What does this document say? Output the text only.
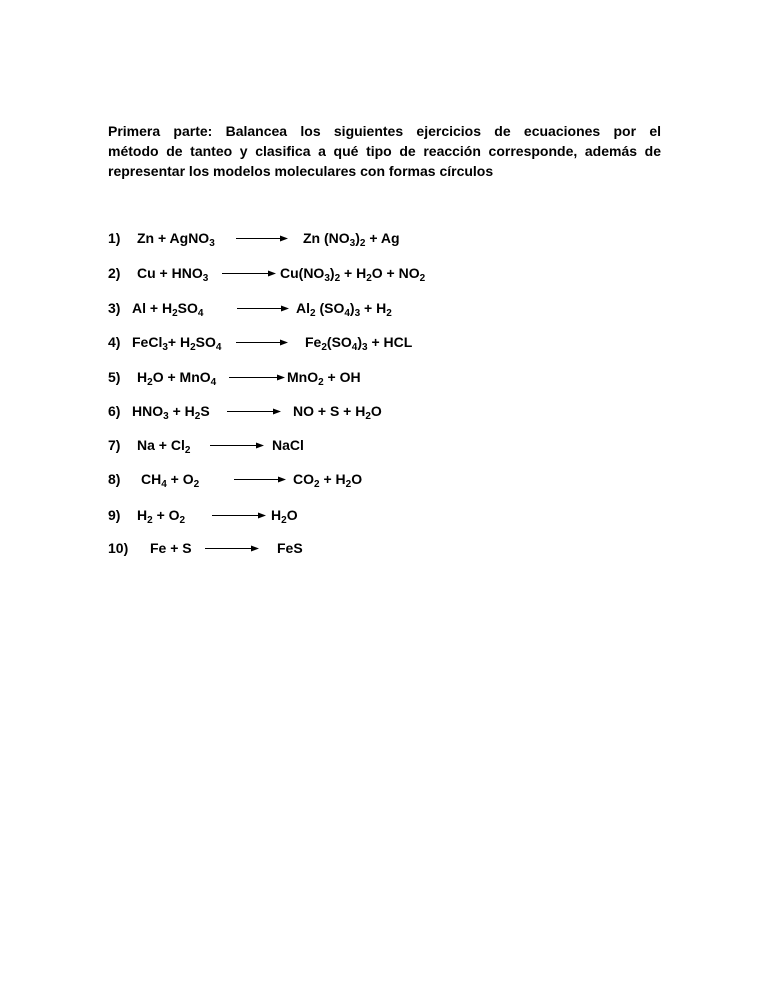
Primera parte: Balancea los siguientes ejercicios de ecuaciones por el
método de tanteo y clasifica a qué tipo de reacción corresponde, además de
representar los modelos moleculares con formas círculos
1) Zn + AgNO$_3$ → Zn $(NO_3)_2 + Ag$
2) $Cu + HNO_3 \to Cu(NO_3)_2 + H_2O + NO_2$
3) $Al + H_2SO_4 \to Al_2$ $(SO_4)_3 + H_2$
4) FeCl$_3$+ $H_2SO_4 \to Fe_2(SO_4)_3$ + HCL
5) $H_2O + MnO_4 \to MnO_2$ + OH
6) $HNO_3 + H_2S$ → NO + $S + H_2O$
7) $Na + Cl_2$ → NaCl
8) $CH_4 + O_2 \to CO_2 + H_2O$
9) $H_2 + O_2 \to H_2O$
10) Fe + S → FeS
